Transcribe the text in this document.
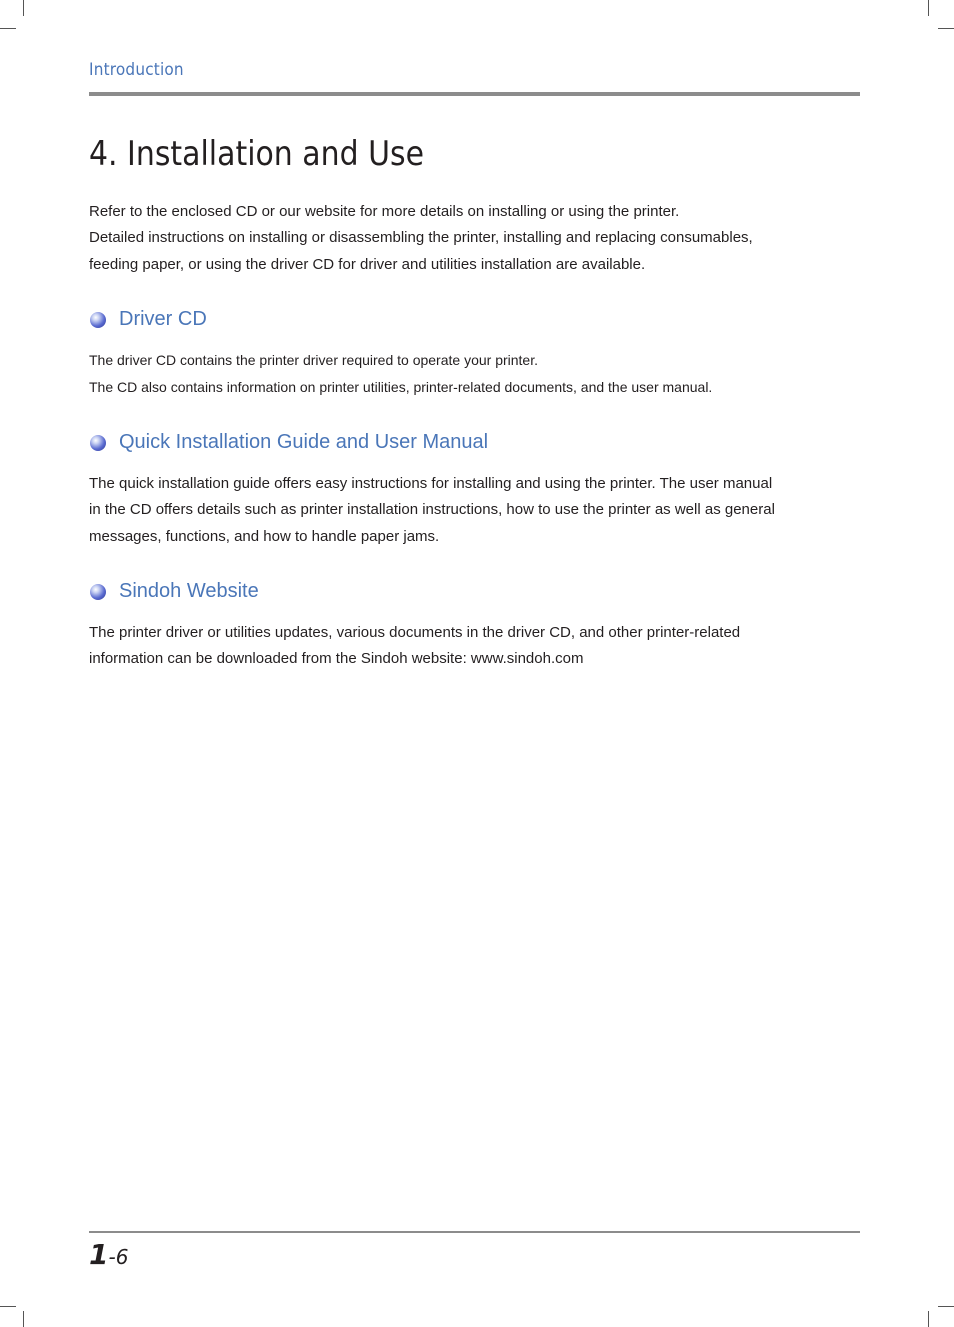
Introduction
4. Installation and Use
Refer to the enclosed CD or our website for more details on installing or using the printer.
Detailed instructions on installing or disassembling the printer, installing and replacing consumables,
feeding paper, or using the driver CD for driver and utilities installation are available.
Driver CD
The driver CD contains the printer driver required to operate your printer.
The CD also contains information on printer utilities, printer-related documents, and the user manual.
Quick Installation Guide and User Manual
The quick installation guide offers easy instructions for installing and using the printer. The user manual
in the CD offers details such as printer installation instructions, how to use the printer as well as general
messages, functions, and how to handle paper jams.
Sindoh Website
The printer driver or utilities updates, various documents in the driver CD, and other printer-related
information can be downloaded from the Sindoh website: www.sindoh.com
1-6
